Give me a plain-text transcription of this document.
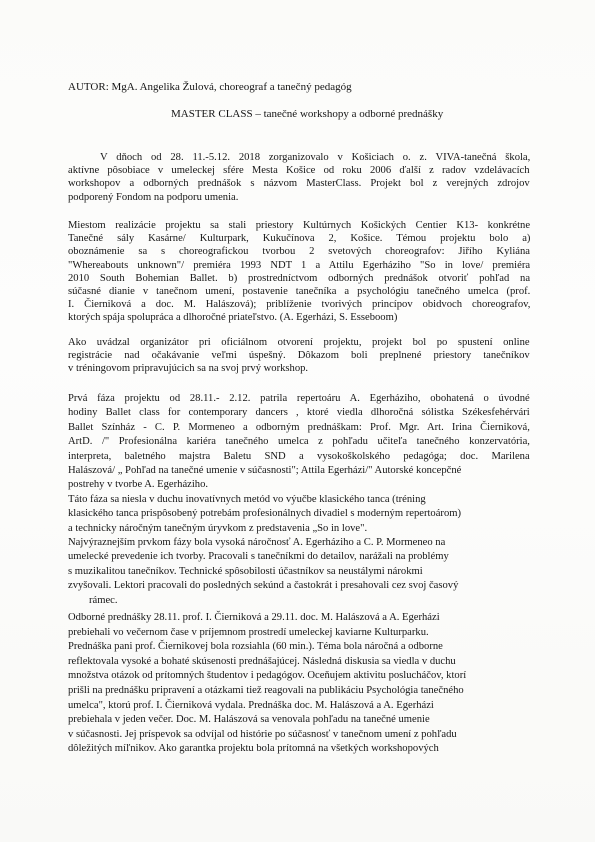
AUTOR: MgA. Angelika Žulová, choreograf a tanečný pedagóg
MASTER CLASS – tanečné workshopy a odborné prednášky
V dňoch od 28. 11.-5.12. 2018 zorganizovalo v Košiciach o. z. VIVA-tanečná škola,
aktívne pôsobiace v umeleckej sfére Mesta Košice od roku 2006 ďalší z radov vzdelávacích
workshopov a odborných prednášok s názvom MasterClass. Projekt bol z verejných zdrojov
podporený Fondom na podporu umenia.
Miestom realizácie projektu sa stali priestory Kultúrnych Košických Centier K13- konkrétne
Tanečné sály Kasárne/ Kulturpark, Kukučínova 2, Košice. Témou projektu bolo a)
oboznámenie sa s choreografickou tvorbou 2 svetových choreografov: Jiřího Kyliána
"Whereabouts unknown"/ premiéra 1993 NDT 1 a Attilu Egerháziho "So in love/ premiéra
2010 South Bohemian Ballet. b) prostredníctvom odborných prednášok otvoriť pohľad na
súčasné dianie v tanečnom umení, postavenie tanečníka a psychológiu tanečného umelca (prof.
I. Čierniková a doc. M. Halászová); priblíženie tvorivých princípov obidvoch choreografov,
ktorých spája spolupráca a dlhoročné priateľstvo. (A. Egerházi, S. Esseboom)
Ako uvádzal organizátor pri oficiálnom otvorení projektu, projekt bol po spustení online
registrácie nad očakávanie veľmi úspešný. Dôkazom boli preplnené priestory tanečníkov
v tréningovom pripravujúcich sa na svoj prvý workshop.
Prvá fáza projektu od 28.11.- 2.12. patrila repertoáru A. Egerháziho, obohatená o úvodné
hodiny Ballet class for contemporary dancers , ktoré viedla dlhoročná sólistka Székesfehérvári
Ballet Színház - C. P. Mormeneo a odborným prednáškam: Prof. Mgr. Art. Irina Čierniková,
ArtD. /" Profesionálna kariéra tanečného umelca z pohľadu učiteľa tanečného konzervatória,
interpreta, baletného majstra Baletu SND a vysokoškolského pedagóga; doc. Marilena
Halászová/ „ Pohľad na tanečné umenie v súčasnosti"; Attila Egerházi/" Autorské koncepčné
postrehy v tvorbe A. Egerháziho.
Táto fáza sa niesla v duchu inovatívnych metód vo výučbe klasického tanca (tréning
klasického tanca prispôsobený potrebám profesionálnych divadiel s moderným repertoárom)
a technicky náročným tanečným úryvkom z predstavenia „So in love".
Najvýraznejším prvkom fázy bola vysoká náročnosť A. Egerháziho a C. P. Mormeneo na
umelecké prevedenie ich tvorby. Pracovali s tanečníkmi do detailov, narážali na problémy
s muzikalitou tanečníkov. Technické spôsobilosti účastníkov sa neustálymi nárokmi
zvyšovali. Lektori pracovali do posledných sekúnd a častokrát i presahovali cez svoj časový
rámec.
Odborné prednášky 28.11. prof. I. Čierniková a 29.11. doc. M. Halászová a A. Egerházi
prebiehali vo večernom čase v príjemnom prostredí umeleckej kaviarne Kulturparku.
Prednáška pani prof. Čiernikovej bola rozsiahla (60 min.). Téma bola náročná a odborne
reflektovala vysoké a bohaté skúsenosti prednášajúcej. Následná diskusia sa viedla v duchu
množstva otázok od prítomných študentov i pedagógov. Oceňujem aktivitu poslucháčov, ktorí
prišli na prednášku pripravení a otázkami tiež reagovali na publikáciu Psychológia tanečného
umelca", ktorú prof. I. Čierniková vydala. Prednáška doc. M. Halászová a A. Egerházi
prebiehala v jeden večer. Doc. M. Halászová sa venovala pohľadu na tanečné umenie
v súčasnosti. Jej príspevok sa odvíjal od histórie po súčasnosť v tanečnom umení z pohľadu
dôležitých míľnikov. Ako garantka projektu bola prítomná na všetkých workshopových
